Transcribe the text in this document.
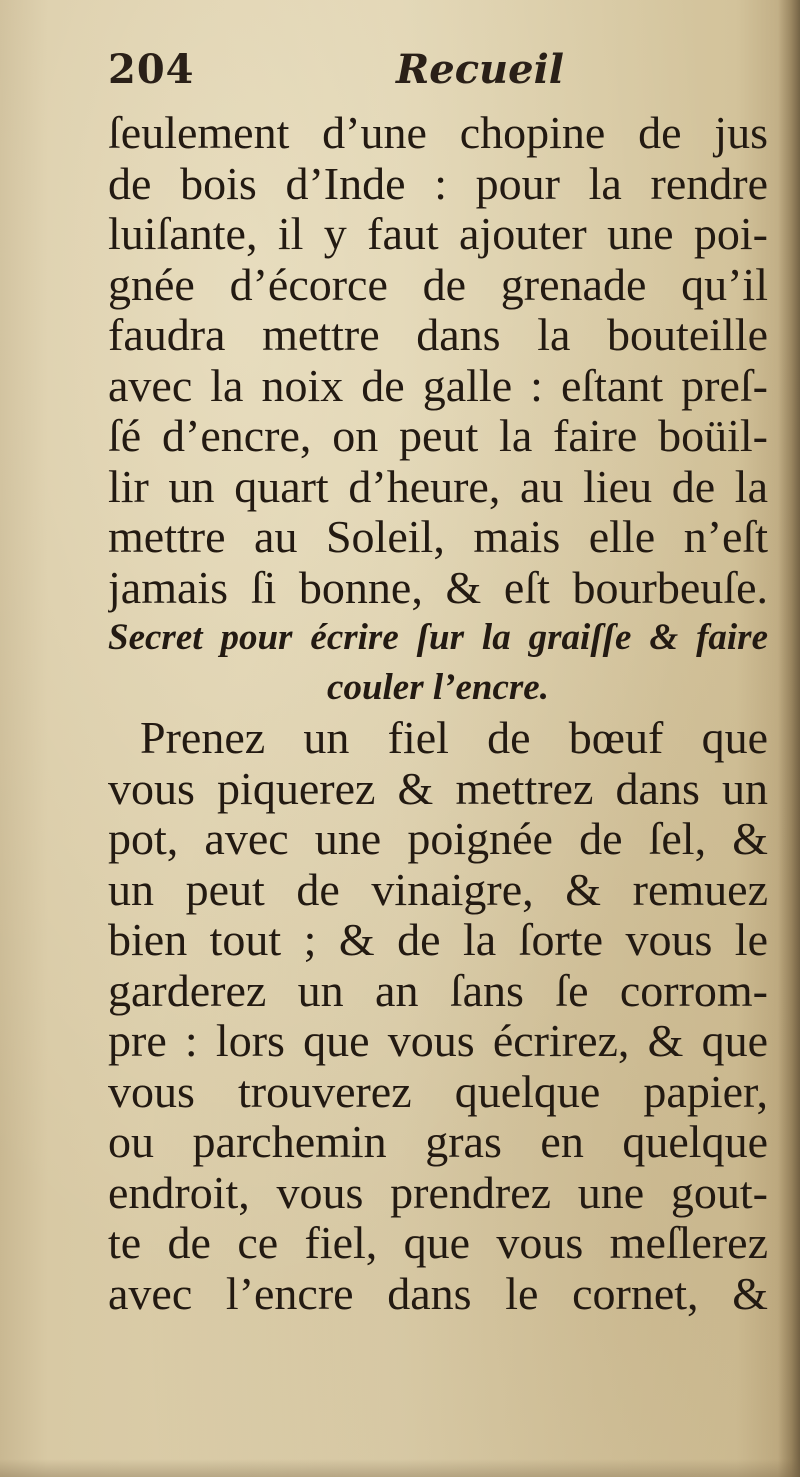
204	Recueil
ſeulement d’une chopine de jus
de bois d’Inde : pour la rendre
luiſante, il y faut ajouter une poi-
gnée d’écorce de grenade qu’il
faudra mettre dans la bouteille
avec la noix de galle : eſtant preſ-
ſé d’encre, on peut la faire boüil-
lir un quart d’heure, au lieu de la
mettre au Soleil, mais elle n’eſt
jamais ſi bonne, & eſt bourbeuſe.
Secret pour écrire ſur la graiſſe & faire
couler l’encre.
Prenez un fiel de bœuf que
vous piquerez & mettrez dans un
pot, avec une poignée de ſel, &
un peut de vinaigre, & remuez
bien tout ; & de la ſorte vous le
garderez un an ſans ſe corrom-
pre : lors que vous écrirez, & que
vous trouverez quelque papier,
ou parchemin gras en quelque
endroit, vous prendrez une gout-
te de ce fiel, que vous meſlerez
avec l’encre dans le cornet, &
